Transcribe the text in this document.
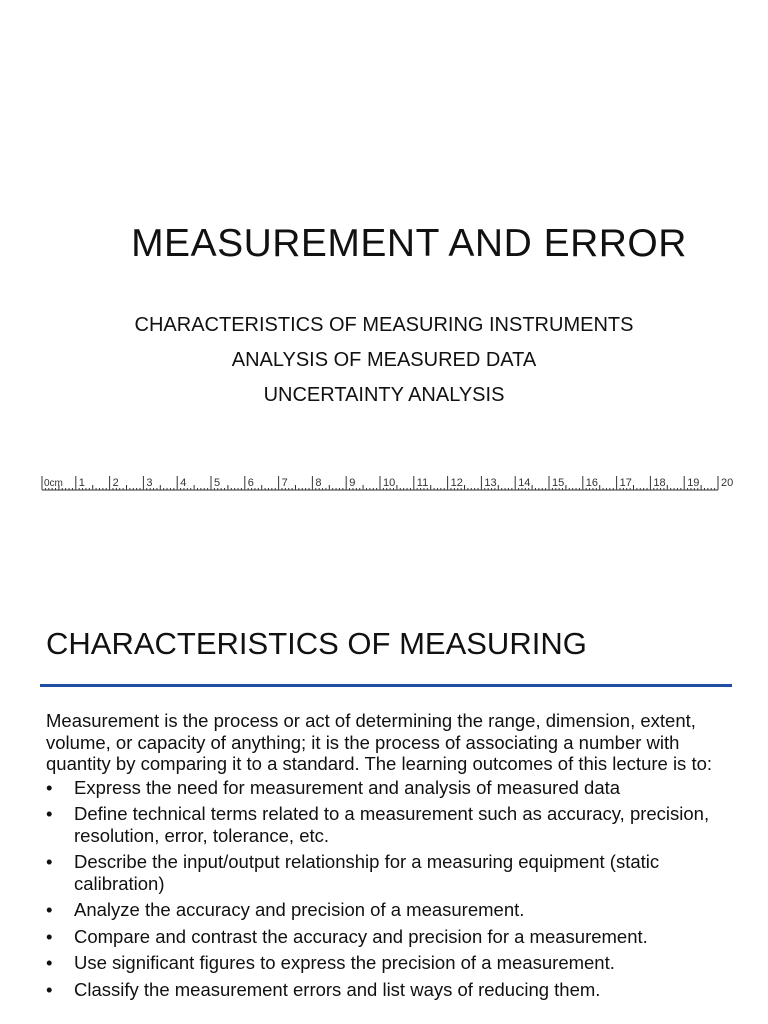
MEASUREMENT AND ERROR
CHARACTERISTICS OF MEASURING INSTRUMENTS
ANALYSIS OF MEASURED DATA
UNCERTAINTY ANALYSIS
0cm 1	2	3	4	5	6	7	8	9	10 11 12 13 14 15 16 17 18 19 20
CHARACTERISTICS OF MEASURING

Measurement is the process or act of determining the range, dimension, extent, volume, or capacity of anything; it is the process of associating a number with quantity by comparing it to a standard. The learning outcomes of this lecture is to:

• Express the need for measurement and analysis of measured data
• Define technical terms related to a measurement such as accuracy, precision, resolution, error, tolerance, etc.
• Describe the input/output relationship for a measuring equipment (static calibration)
• Analyze the accuracy and precision of a measurement.
• Compare and contrast the accuracy and precision for a measurement.
• Use significant figures to express the precision of a measurement.
• Classify the measurement errors and list ways of reducing them.
